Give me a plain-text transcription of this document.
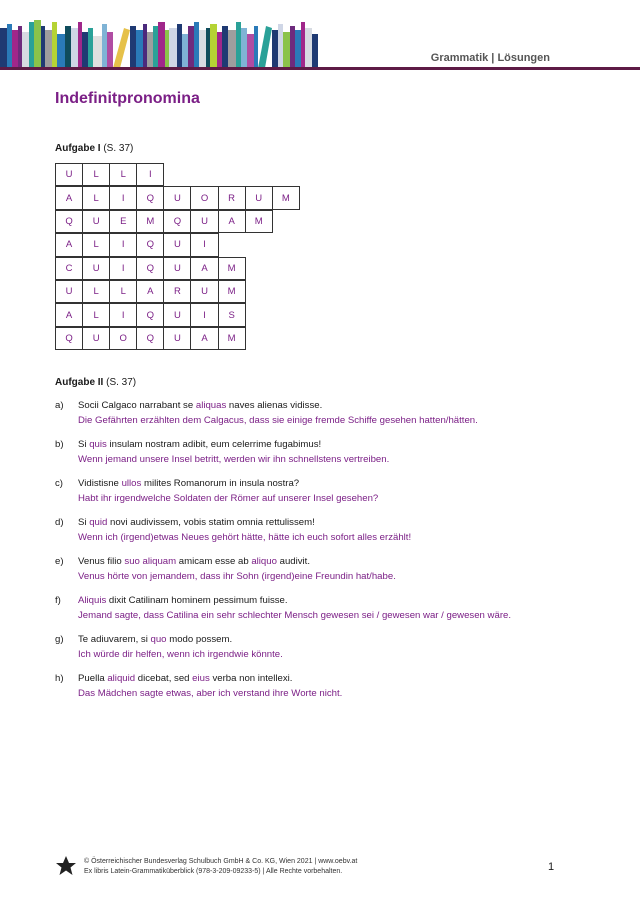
Grammatik | Lösungen
Indefinitpronomina

Aufgabe I (S. 37)

U	L	L	I
A	L	I	Q	U	O	R	U	M
Q	U	E	M	Q	U	A	M
A	L	I	Q	U	I
C	U	I	Q	U	A	M
U	L	L	A	R	U	M
A	L	I	Q	U	I	S
Q	U	O	Q	U	A	M

Aufgabe II (S. 37)

a) Socii Calgaco narrabant se aliquas naves alienas vidisse.
Die Gefährten erzählten dem Calgacus, dass sie einige fremde Schiffe gesehen hatten/hätten.
b) Si quis insulam nostram adibit, eum celerrime fugabimus!
Wenn jemand unsere Insel betritt, werden wir ihn schnellstens vertreiben.
c) Vidistisne ullos milites Romanorum in insula nostra?
Habt ihr irgendwelche Soldaten der Römer auf unserer Insel gesehen?
d) Si quid novi audivissem, vobis statim omnia rettulissem!
Wenn ich (irgend)etwas Neues gehört hätte, hätte ich euch sofort alles erzählt!
e) Venus filio suo aliquam amicam esse ab aliquo audivit.
Venus hörte von jemandem, dass ihr Sohn (irgend)eine Freundin hat/habe.
f) Aliquis dixit Catilinam hominem pessimum fuisse.
Jemand sagte, dass Catilina ein sehr schlechter Mensch gewesen sei / gewesen war / gewesen wäre.
g) Te adiuvarem, si quo modo possem.
Ich würde dir helfen, wenn ich irgendwie könnte.
h) Puella aliquid dicebat, sed eius verba non intellexi.
Das Mädchen sagte etwas, aber ich verstand ihre Worte nicht.
© Österreichischer Bundesverlag Schulbuch GmbH & Co. KG, Wien 2021 | www.oebv.at
Ex libris Latein-Grammatiküberblick (978-3-209-09233-5) | Alle Rechte vorbehalten.	1
